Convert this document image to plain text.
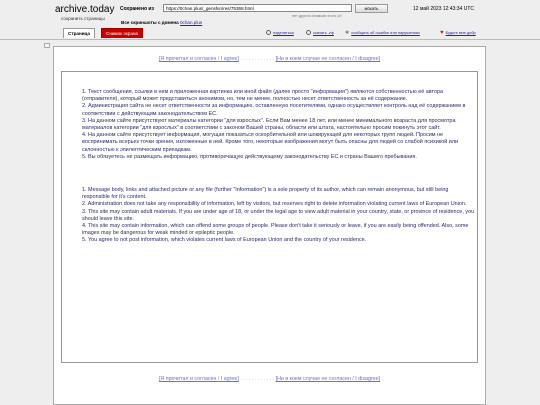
archive.today
сохранить страницы
Сохранено из	https://0chan.plus/_genshin/res/75368.html	искать
нет других снимков этого url
Все скриншоты с домена 0chan.plus
12 май 2023 12:43:34 UTC
Страница	Снимок экрана	поделиться	скачать .zip ✱ сообщить об ошибке или нарушениях	♥ Будьте мне добр
[Я прочитал и согласен / I agree] . . . . . . . . . . . . [Ни в коем случае не согласен / I disagree]

1. Текст сообщения, ссылки в нем и приложенная картинка или иной файл (далее просто "информация") являются собственностью её автора (отправителя), который может представиться анонимом, но, тем не менее, полностью несет ответственность за её содержание.

2. Администрация сайта не несет ответственности за информацию, оставленную посетителями, однако осуществляет контроль над её содержанием в соответствии с действующим законодательством ЕС.

3. На данном сайте присутствуют материалы категории "для взрослых". Если Вам менее 18 лет, или менее минимального возраста для просмотра материалов категории "для взрослых" в соответствии с законом Вашей страны, области или штата, настоятельно просим покинуть этот сайт.

4. На данном сайте присутствует информация, могущая показаться оскорбительной или шокирующей для некоторых групп людей. Просим не воспринимать всерьез точки зрения, изложенные в ней. Кроме того, некоторые изображения могут быть опасны для людей со слабой психикой или склонностью к эпилептическим припадкам.

5. Вы обязуетесь не размещать информацию, противоречащую действующему законодательству ЕС и страны Вашего пребывания.

1. Message body, links and attached picture or any file (further "Information") is a sole property of its author, which can remain anonymous, but still being responsible for it's content.

2. Administration does not take any responsibility of information, left by visitors, but reserves right to delete information violating current laws of European Union.

3. This site may contain adult materials. If you are under age of 18, or under the legal age to view adult material in your country, state, or province of residence, you should leave this site.

4. This site may contain information, which can offend some groups of people. Please don't take it seriously or leave, if you are easily being offended. Also, some images may be dangerous for weak minded or epileptic people.

5. You agree to not post information, which violates current laws of European Union and the country of your residence.

[Я прочитал и согласен / I agree] . . . . . . . . . . . . [Ни в коем случае не согласен / I disagree]
